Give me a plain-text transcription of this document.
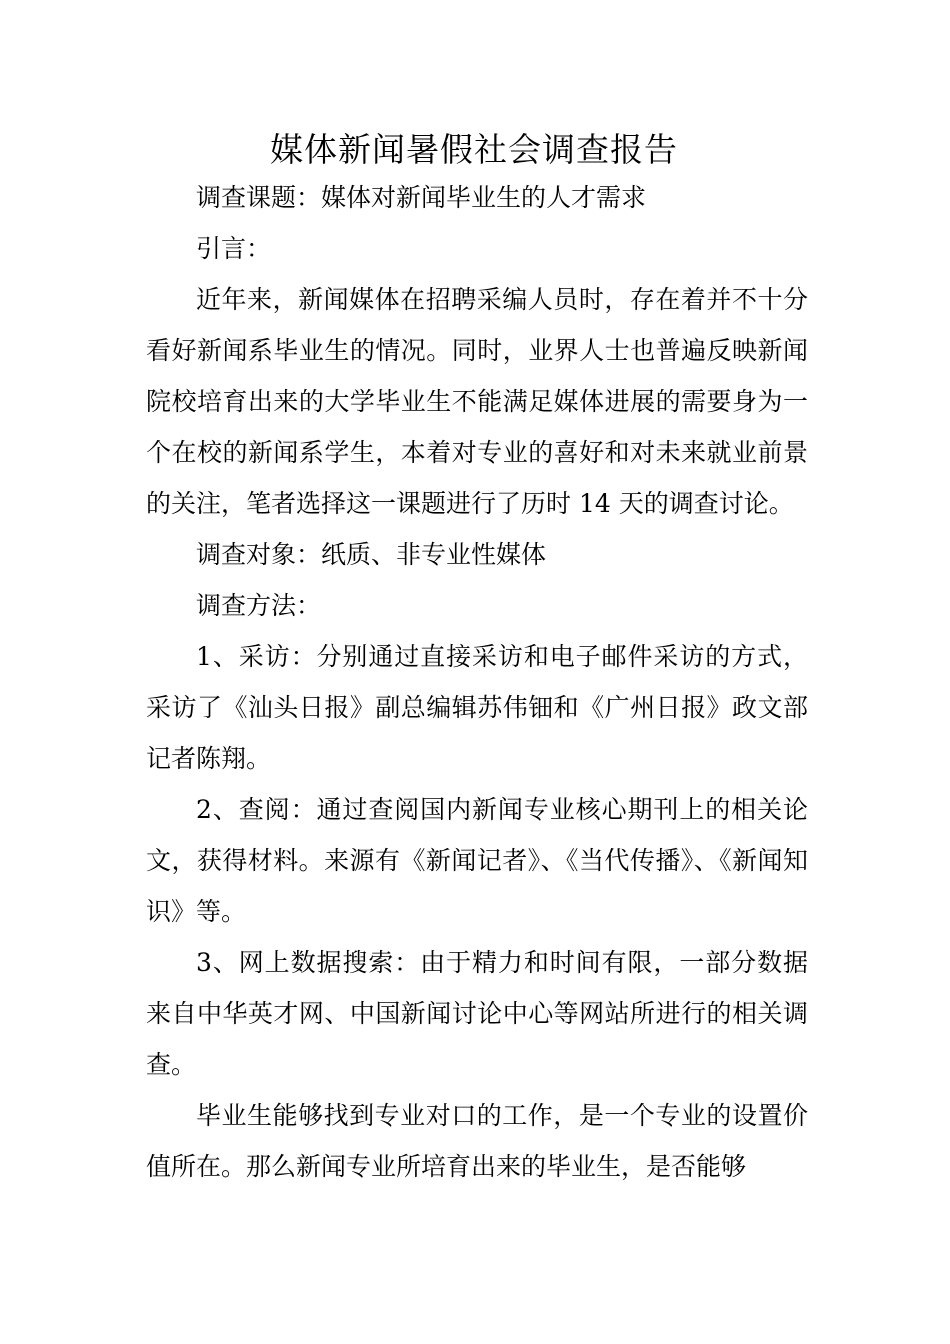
媒体新闻暑假社会调查报告

调查课题：媒体对新闻毕业生的人才需求

引言：

近年来，新闻媒体在招聘采编人员时，存在着并不十分看好新闻系毕业生的情况。同时，业界人士也普遍反映新闻院校培育出来的大学毕业生不能满足媒体进展的需要身为一个在校的新闻系学生，本着对专业的喜好和对未来就业前景的关注，笔者选择这一课题进行了历时 14 天的调查讨论。

调查对象：纸质、非专业性媒体

调查方法：

1、采访：分别通过直接采访和电子邮件采访的方式，采访了《汕头日报》副总编辑苏伟钿和《广州日报》政文部记者陈翔。

2、查阅：通过查阅国内新闻专业核心期刊上的相关论文，获得材料。来源有《新闻记者》、《当代传播》、《新闻知识》等。

3、网上数据搜索：由于精力和时间有限，一部分数据来自中华英才网、中国新闻讨论中心等网站所进行的相关调查。

毕业生能够找到专业对口的工作，是一个专业的设置价值所在。那么新闻专业所培育出来的毕业生，是否能够
